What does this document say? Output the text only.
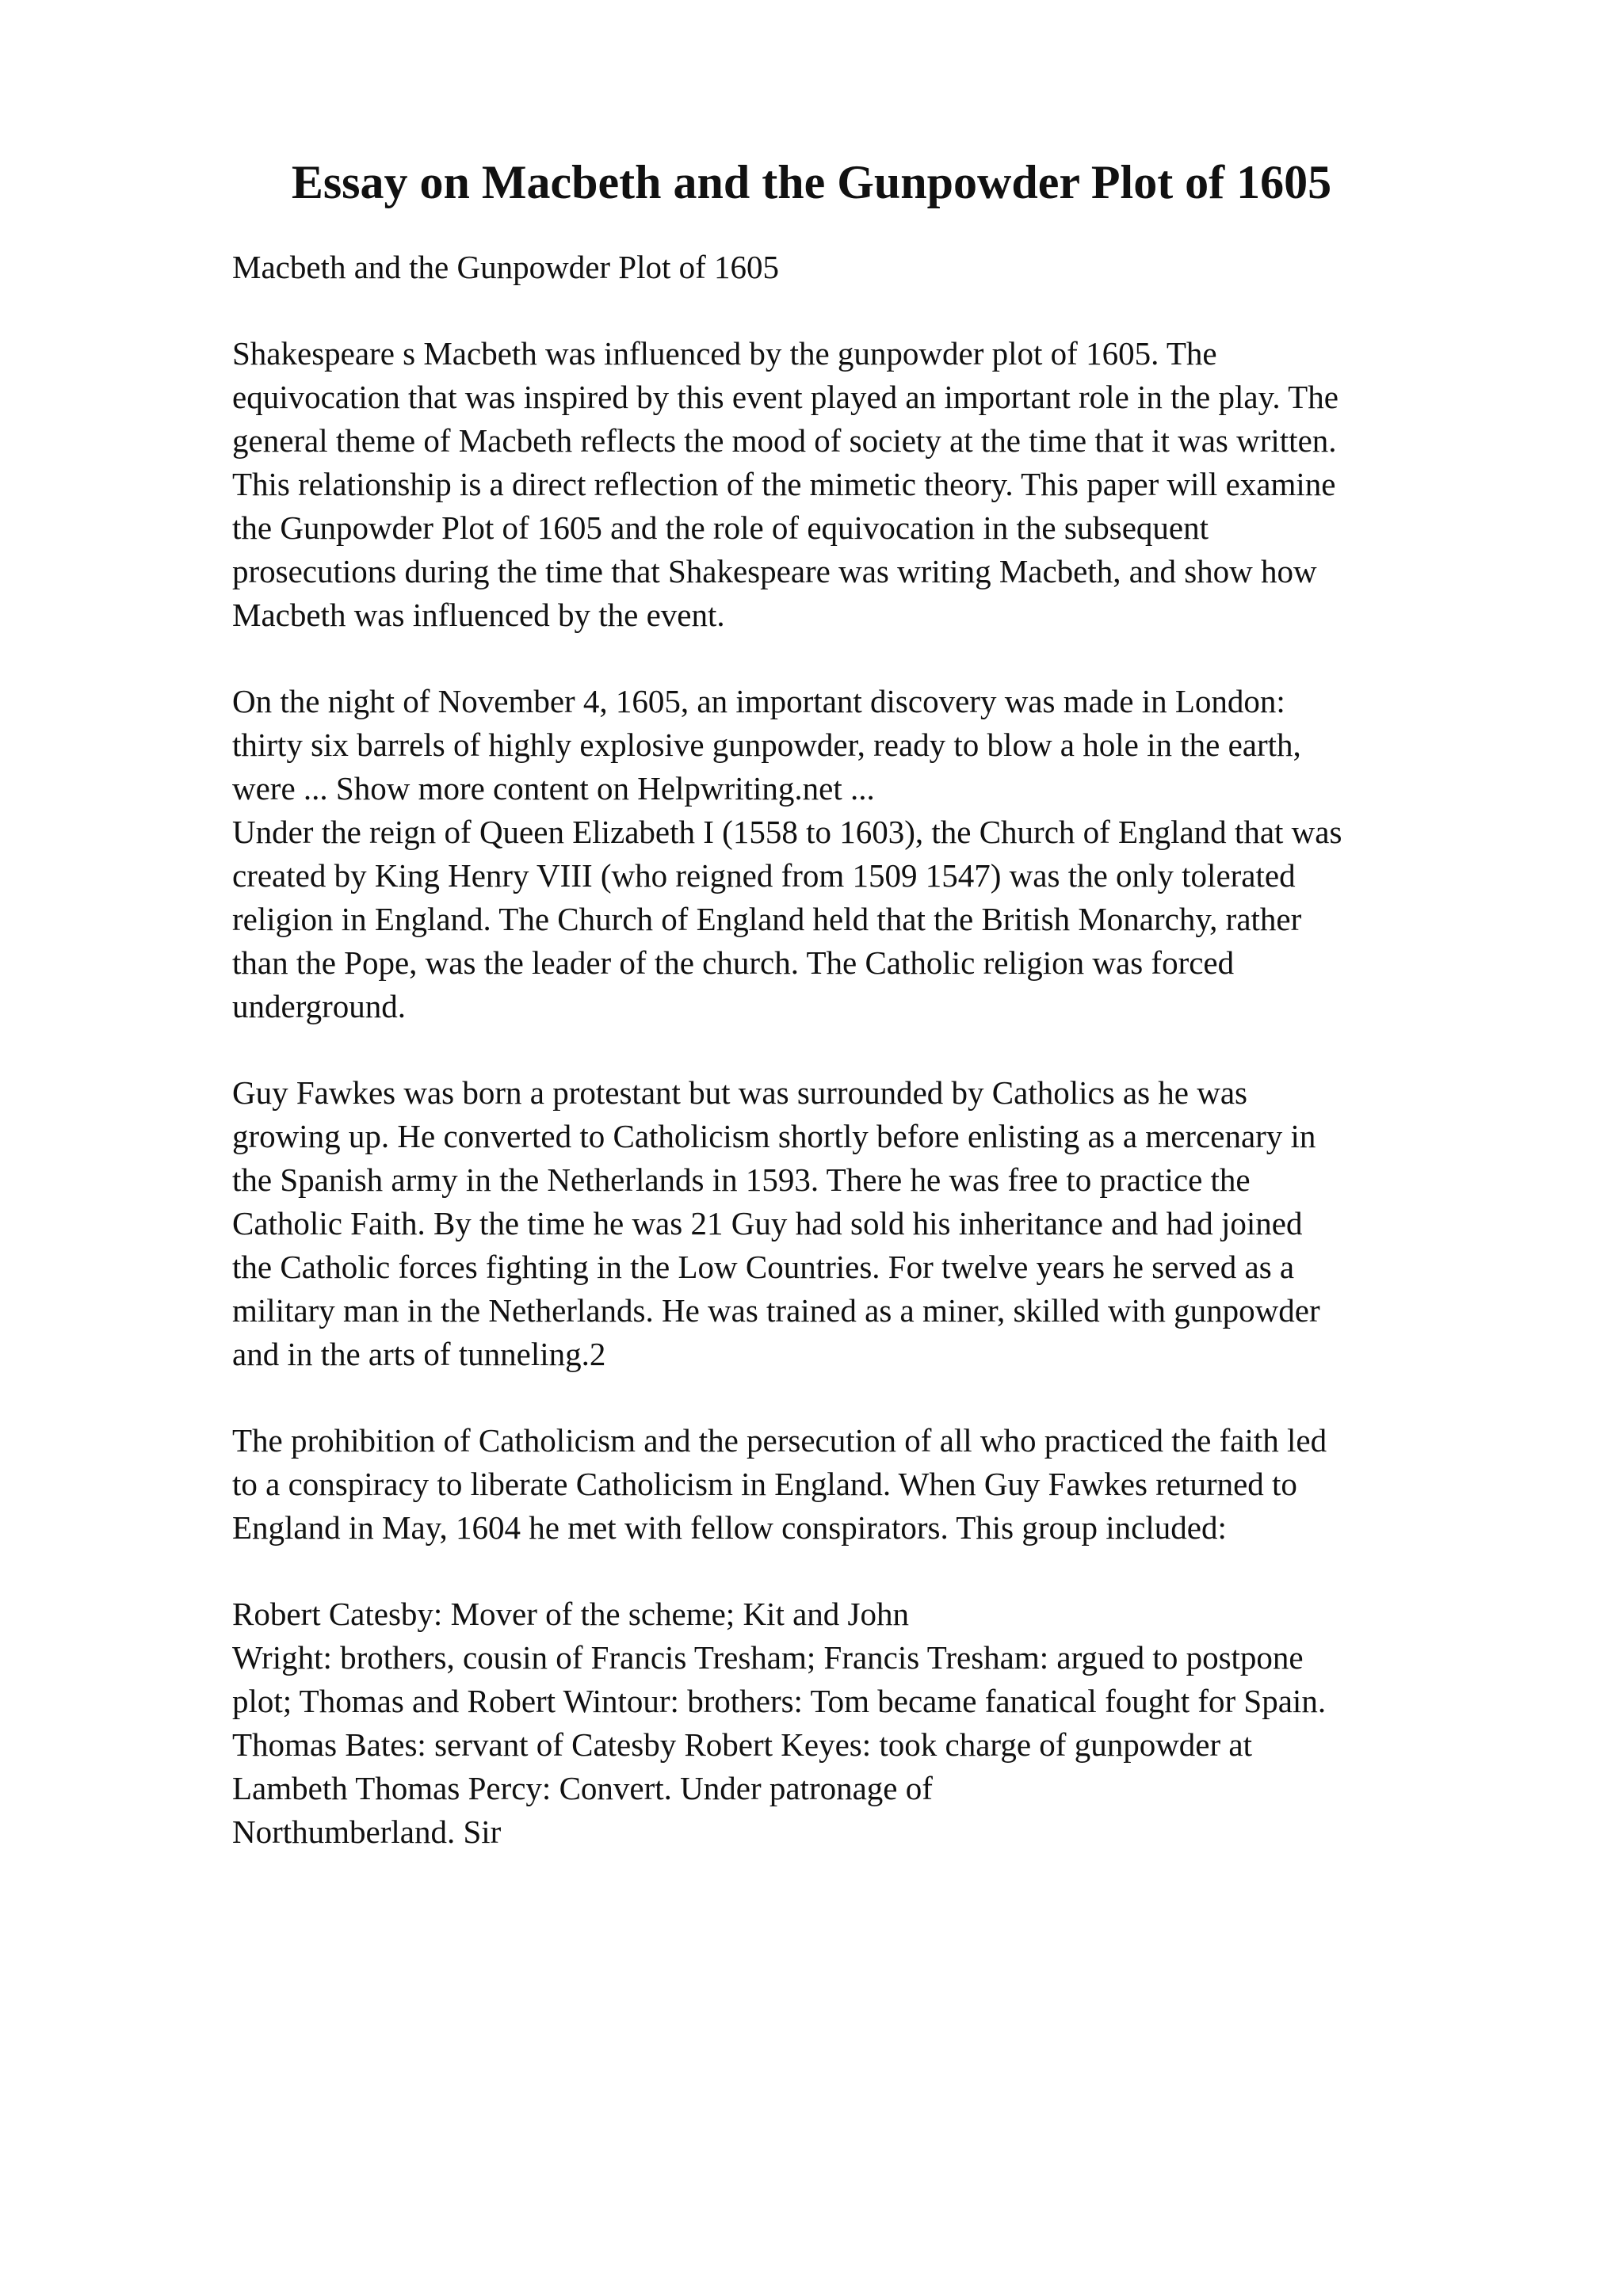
Essay on Macbeth and the Gunpowder Plot of 1605

Macbeth and the Gunpowder Plot of 1605

Shakespeare s Macbeth was influenced by the gunpowder plot of 1605. The
equivocation that was inspired by this event played an important role in the play. The
general theme of Macbeth reflects the mood of society at the time that it was written.
This relationship is a direct reflection of the mimetic theory. This paper will examine
the Gunpowder Plot of 1605 and the role of equivocation in the subsequent
prosecutions during the time that Shakespeare was writing Macbeth, and show how
Macbeth was influenced by the event.

On the night of November 4, 1605, an important discovery was made in London:
thirty six barrels of highly explosive gunpowder, ready to blow a hole in the earth,
were ... Show more content on Helpwriting.net ...

Under the reign of Queen Elizabeth I (1558 to 1603), the Church of England that was
created by King Henry VIII (who reigned from 1509 1547) was the only tolerated
religion in England. The Church of England held that the British Monarchy, rather
than the Pope, was the leader of the church. The Catholic religion was forced
underground.

Guy Fawkes was born a protestant but was surrounded by Catholics as he was
growing up. He converted to Catholicism shortly before enlisting as a mercenary in
the Spanish army in the Netherlands in 1593. There he was free to practice the
Catholic Faith. By the time he was 21 Guy had sold his inheritance and had joined
the Catholic forces fighting in the Low Countries. For twelve years he served as a
military man in the Netherlands. He was trained as a miner, skilled with gunpowder
and in the arts of tunneling.2

The prohibition of Catholicism and the persecution of all who practiced the faith led
to a conspiracy to liberate Catholicism in England. When Guy Fawkes returned to
England in May, 1604 he met with fellow conspirators. This group included:

Robert Catesby: Mover of the scheme; Kit and John
Wright: brothers, cousin of Francis Tresham; Francis Tresham: argued to postpone
plot; Thomas and Robert Wintour: brothers: Tom became fanatical fought for Spain.
Thomas Bates: servant of Catesby Robert Keyes: took charge of gunpowder at
Lambeth Thomas Percy: Convert. Under patronage of
Northumberland. Sir
